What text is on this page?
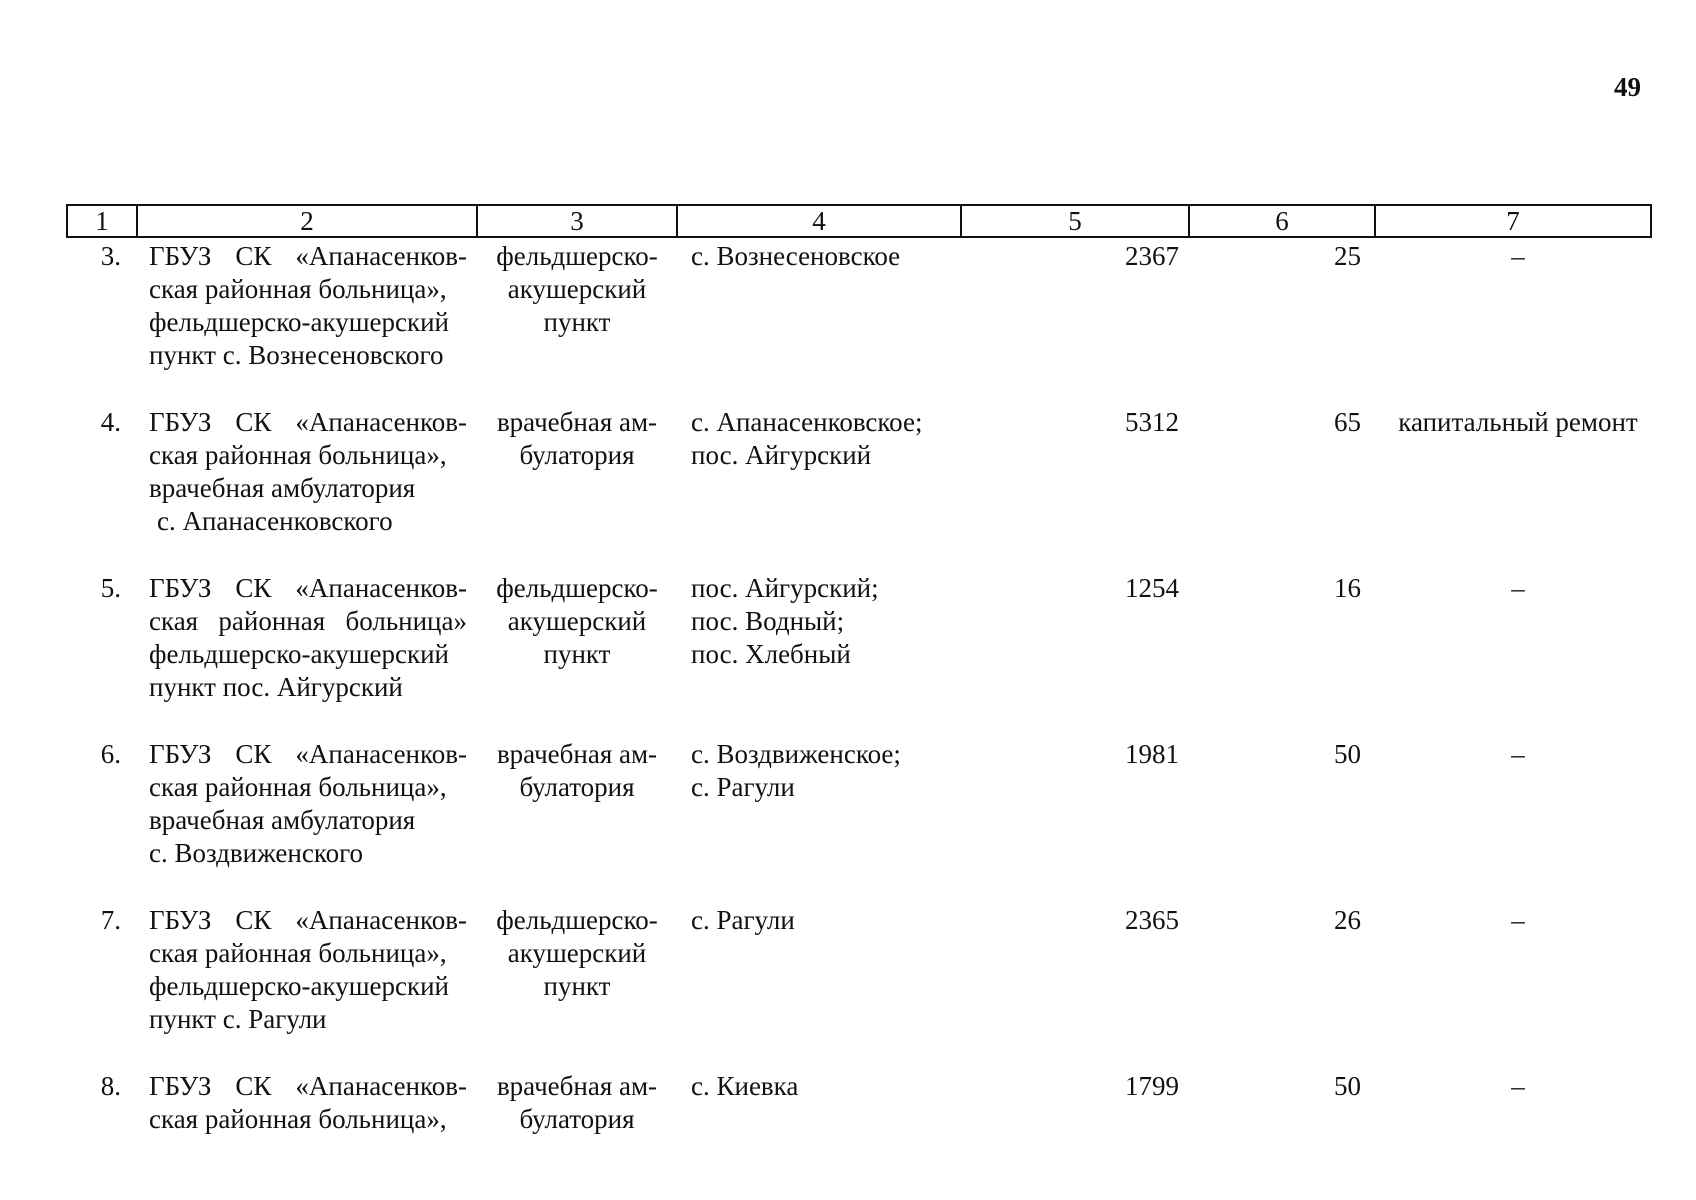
49
1	2	3	4	5	6	7
3.	ГБУЗ СК «Апанасенков-
ская районная больница»,
фельдшерско-акушерский
пункт с. Вознесеновского	фельдшерско-
акушерский
пункт	с. Вознесеновское	2367	25	–
4.	ГБУЗ СК «Апанасенков-
ская районная больница»,
врачебная амбулатория
с. Апанасенковского	врачебная ам-
булатория	с. Апанасенковское;
пос. Айгурский	5312	65	капитальный ремонт
5.	ГБУЗ СК «Апанасенков-
ская районная больница»
фельдшерско-акушерский
пункт пос. Айгурский	фельдшерско-
акушерский
пункт	пос. Айгурский;
пос. Водный;
пос. Хлебный	1254	16	–
6.	ГБУЗ СК «Апанасенков-
ская районная больница»,
врачебная амбулатория
с. Воздвиженского	врачебная ам-
булатория	с. Воздвиженское;
с. Рагули	1981	50	–
7.	ГБУЗ СК «Апанасенков-
ская районная больница»,
фельдшерско-акушерский
пункт с. Рагули	фельдшерско-
акушерский
пункт	с. Рагули	2365	26	–
8.	ГБУЗ СК «Апанасенков-
ская районная больница»,	врачебная ам-
булатория	с. Киевка	1799	50	–
